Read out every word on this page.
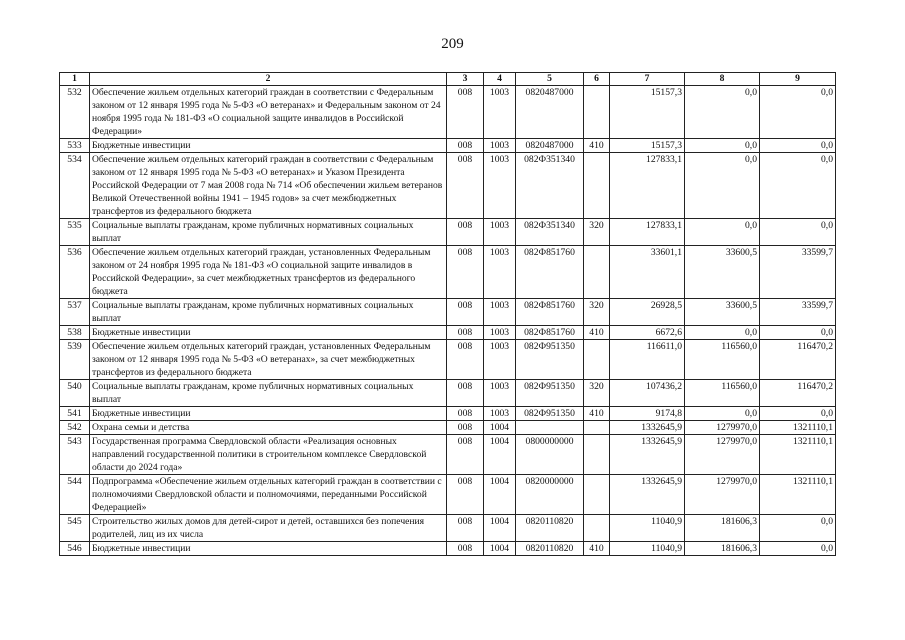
209
1	2	3	4	5	6	7	8	9
532	Обеспечение жильем отдельных категорий граждан в соответствии с Федеральным законом от 12 января 1995 года № 5-ФЗ «О ветеранах» и Федеральным законом от 24 ноября 1995 года № 181-ФЗ «О социальной защите инвалидов в Российской Федерации»	008	1003	0820487000		15157,3	0,0	0,0
533	Бюджетные инвестиции	008	1003	0820487000	410	15157,3	0,0	0,0
534	Обеспечение жильем отдельных категорий граждан в соответствии с Федеральным законом от 12 января 1995 года № 5-ФЗ «О ветеранах» и Указом Президента Российской Федерации от 7 мая 2008 года № 714 «Об обеспечении жильем ветеранов Великой Отечественной войны 1941 – 1945 годов» за счет межбюджетных трансфертов из федерального бюджета	008	1003	082Ф351340		127833,1	0,0	0,0
535	Социальные выплаты гражданам, кроме публичных нормативных социальных выплат	008	1003	082Ф351340	320	127833,1	0,0	0,0
536	Обеспечение жильем отдельных категорий граждан, установленных Федеральным законом от 24 ноября 1995 года № 181-ФЗ «О социальной защите инвалидов в Российской Федерации», за счет межбюджетных трансфертов из федерального бюджета	008	1003	082Ф851760		33601,1	33600,5	33599,7
537	Социальные выплаты гражданам, кроме публичных нормативных социальных выплат	008	1003	082Ф851760	320	26928,5	33600,5	33599,7
538	Бюджетные инвестиции	008	1003	082Ф851760	410	6672,6	0,0	0,0
539	Обеспечение жильем отдельных категорий граждан, установленных Федеральным законом от 12 января 1995 года № 5-ФЗ «О ветеранах», за счет межбюджетных трансфертов из федерального бюджета	008	1003	082Ф951350		116611,0	116560,0	116470,2
540	Социальные выплаты гражданам, кроме публичных нормативных социальных выплат	008	1003	082Ф951350	320	107436,2	116560,0	116470,2
541	Бюджетные инвестиции	008	1003	082Ф951350	410	9174,8	0,0	0,0
542	Охрана семьи и детства	008	1004			1332645,9	1279970,0	1321110,1
543	Государственная программа Свердловской области «Реализация основных направлений государственной политики в строительном комплексе Свердловской области до 2024 года»	008	1004	0800000000		1332645,9	1279970,0	1321110,1
544	Подпрограмма «Обеспечение жильем отдельных категорий граждан в соответствии с полномочиями Свердловской области и полномочиями, переданными Российской Федерацией»	008	1004	0820000000		1332645,9	1279970,0	1321110,1
545	Строительство жилых домов для детей-сирот и детей, оставшихся без попечения родителей, лиц из их числа	008	1004	0820110820		11040,9	181606,3	0,0
546	Бюджетные инвестиции	008	1004	0820110820	410	11040,9	181606,3	0,0
